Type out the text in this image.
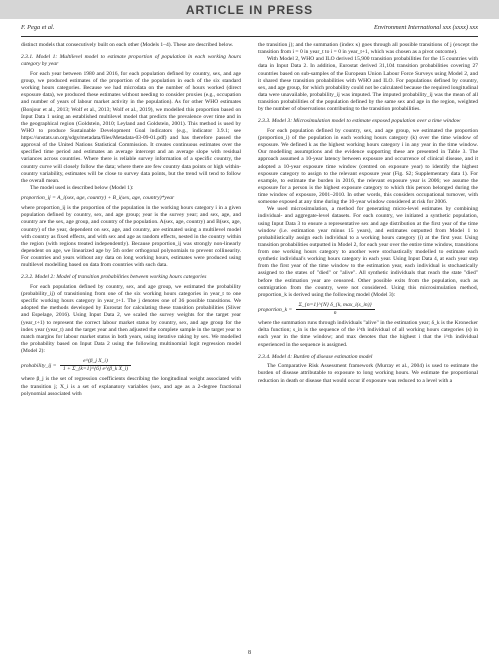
ARTICLE IN PRESS
F. Pega et al.	Environment International xxx (xxxx) xxx

distinct models that consecutively built on each other (Models 1–4). These are described below.

2.3.1. Model 1: Multilevel model to estimate proportion of population in each working hours category by year

For each year between 1980 and 2016, for each population defined by country, sex, and age group, we produced estimates of the proportion of the population in each of the six standard working hours categories. Because we had microdata on the number of hours worked (direct exposure data), we produced these estimates without needing to consider proxies (e.g., occupation and number of years of labour market activity in the population). As for other WHO estimates (Bonjour et al., 2013; Wolf et al., 2013; Wolf et al., 2019), we modelled this proportion based on Input Data 1 using an established multilevel model that predicts the prevalence over time and in the geographical region (Goldstein, 2010; Leyland and Goldstein, 2001). This method is used by WHO to produce Sustainable Development Goal indicators (e.g., indicator 3.9.1; see https://unstats.un.org/sdgs/metadata/files/Metadata-03-09-01.pdf) and has therefore passed the approval of the United Nations Statistical Commission. It creates continuous estimates over the specified time period and estimates an average intercept and an average slope with residual variances across countries. Where there is reliable survey information of a specific country, the country curve will closely follow the data; where there are few country data points or high within-country variability, estimates will be close to survey data points, but the trend will tend to follow the overall mean.

The model used is described below (Model 1):

proportion_ij = A_i(sex, age, country) + B_i(sex, age, country)*year

where proportion_ij is the proportion of the population in the working hours category i in a given population defined by country, sex, and age group; year is the survey year; and sex, age, and country are the sex, age group, and country of the population. A(sex, age, country) and B(sex, age, country) of the year, dependent on sex, age, and country, are estimated using a multilevel model with country as fixed effects, and with sex and age as random effects, nested in the country within the region (with regions treated independently). Because proportion_ij was strongly non-linearly dependent on age, we linearized age by 5th order orthogonal polynomials to prevent collinearity. For countries and years without any data on long working hours, estimates were produced using multilevel modelling based on data from countries with such data.

2.3.2. Model 2: Model of transition probabilities between working hours categories

For each population defined by country, sex, and age group, we estimated the probability (probability_ij) of transitioning from one of the six working hours categories in year_t to one specific working hours category in year_t+1. The j denotes one of 36 possible transitions. We adopted the methods developed by Eurostat for calculating these transition probabilities (Sliver and Espelage, 2016). Using Input Data 2, we scaled the survey weights for the target year (year_t+1) to represent the correct labour market status by country, sex, and age group for the index year (year_t) and the target year and then adjusted the complete sample in the target year to match margins for labour market status in both years, using iterative raking by sex. We modelled the probability based on Input Data 2 using the following multinomial logit regression model (Model 2):

probability_ij = $\frac{\text{e\textasciicircum{}(β\_j X\_i)}}{\text{1 + Σ\_\{k=1\}\textasciicircum{}\{6\} e\textasciicircum{}(β\_k X\_i)}}$

where β_j is the set of regression coefficients describing the longitudinal weight associated with the transition j; X_i is a set of explanatory variables (sex, and age as a 2-degree fractional polynomial associated with

the transition j); and the summation (index κ) goes through all possible transitions of j (except the transition from i = 0 in year_t to i = 0 in year_t+1, which was chosen as a pivot outcome).

With Model 2, WHO and ILO derived 15,900 transition probabilities for the 15 countries with data in Input Data 2. In addition, Eurostat derived 31,104 transition probabilities covering 27 countries based on sub-samples of the European Union Labour Force Surveys using Model 2, and it shared these transition probabilities with WHO and ILO. For populations defined by country, sex, and age group, for which probability could not be calculated because the required longitudinal data were unavailable, probability_ij was imputed. The imputed probability_ij was the mean of all transition probabilities of the population defined by the same sex and age in the region, weighted by the number of observations contributing to the transition probabilities.

2.3.3. Model 3: Microsimulation model to estimate exposed population over a time window

For each population defined by country, sex, and age group, we estimated the proportion (proportion_i) of the population in each working hours category (k) over the time window of exposure. We defined k as the highest working hours category i in any year in the time window. Our modelling assumptions and the evidence supporting these are presented in Table 3. The approach assumed a 10-year latency between exposure and occurrence of clinical disease, and it adopted a 10-year exposure time window (centred on exposure year) to identify the highest exposure category to assign to the relevant exposure year (Fig. S2; Supplementary data 1). For example, to estimate the burden in 2016, the relevant exposure year is 2006; we assume the exposure for a person is the highest exposure category to which this person belonged during the time window of exposure, 2001–2010. In other words, this considers occupational turnover, with someone exposed at any time during the 10-year window considered at risk for 2006.

We used microsimulation, a method for generating micro-level estimates by combining individual- and aggregate-level datasets. For each country, we initiated a synthetic population, using Input Data 3 to ensure a representative sex and age distribution at the first year of the time window (i.e. estimation year minus 15 years), and estimates outputted from Model 1 to probabilistically assign each individual to a working hours category (i) at the first year. Using transition probabilities outputted in Model 2, for each year over the entire time window, transitions from one working hours category to another were stochastically modelled to estimate each synthetic individual's working hours category in each year. Using Input Data 4, at each year step from the first year of the time window to the estimation year, each individual is stochastically assigned to the states of "died" or "alive". All synthetic individuals that reach the state "died" before the estimation year are censored. Other possible exits from the population, such as outmigration from the country, were not considered. Using this microsimulation method, proportion_k is derived using the following model (Model 3):

proportion_k = $\frac{\Sigma\_\{n=1\}\^{}\{N\} \delta\_\{k, \max\_i(s\_in)\}}{n}$

where the summation runs through individuals "alive" in the estimation year; δ_k is the Kronecker delta function; s_in is the sequence of the i^th individual of all working hours categories (s) in each year in the time window; and max denotes that the highest i that the i^th individual experienced in the sequence is assigned.

2.3.4. Model 4: Burden of disease estimation model

The Comparative Risk Assessment framework (Murray et al., 2004) is used to estimate the burden of disease attributable to exposure to long working hours. We estimate the proportional reduction in death or disease that would occur if exposure was reduced to a level with a

8
